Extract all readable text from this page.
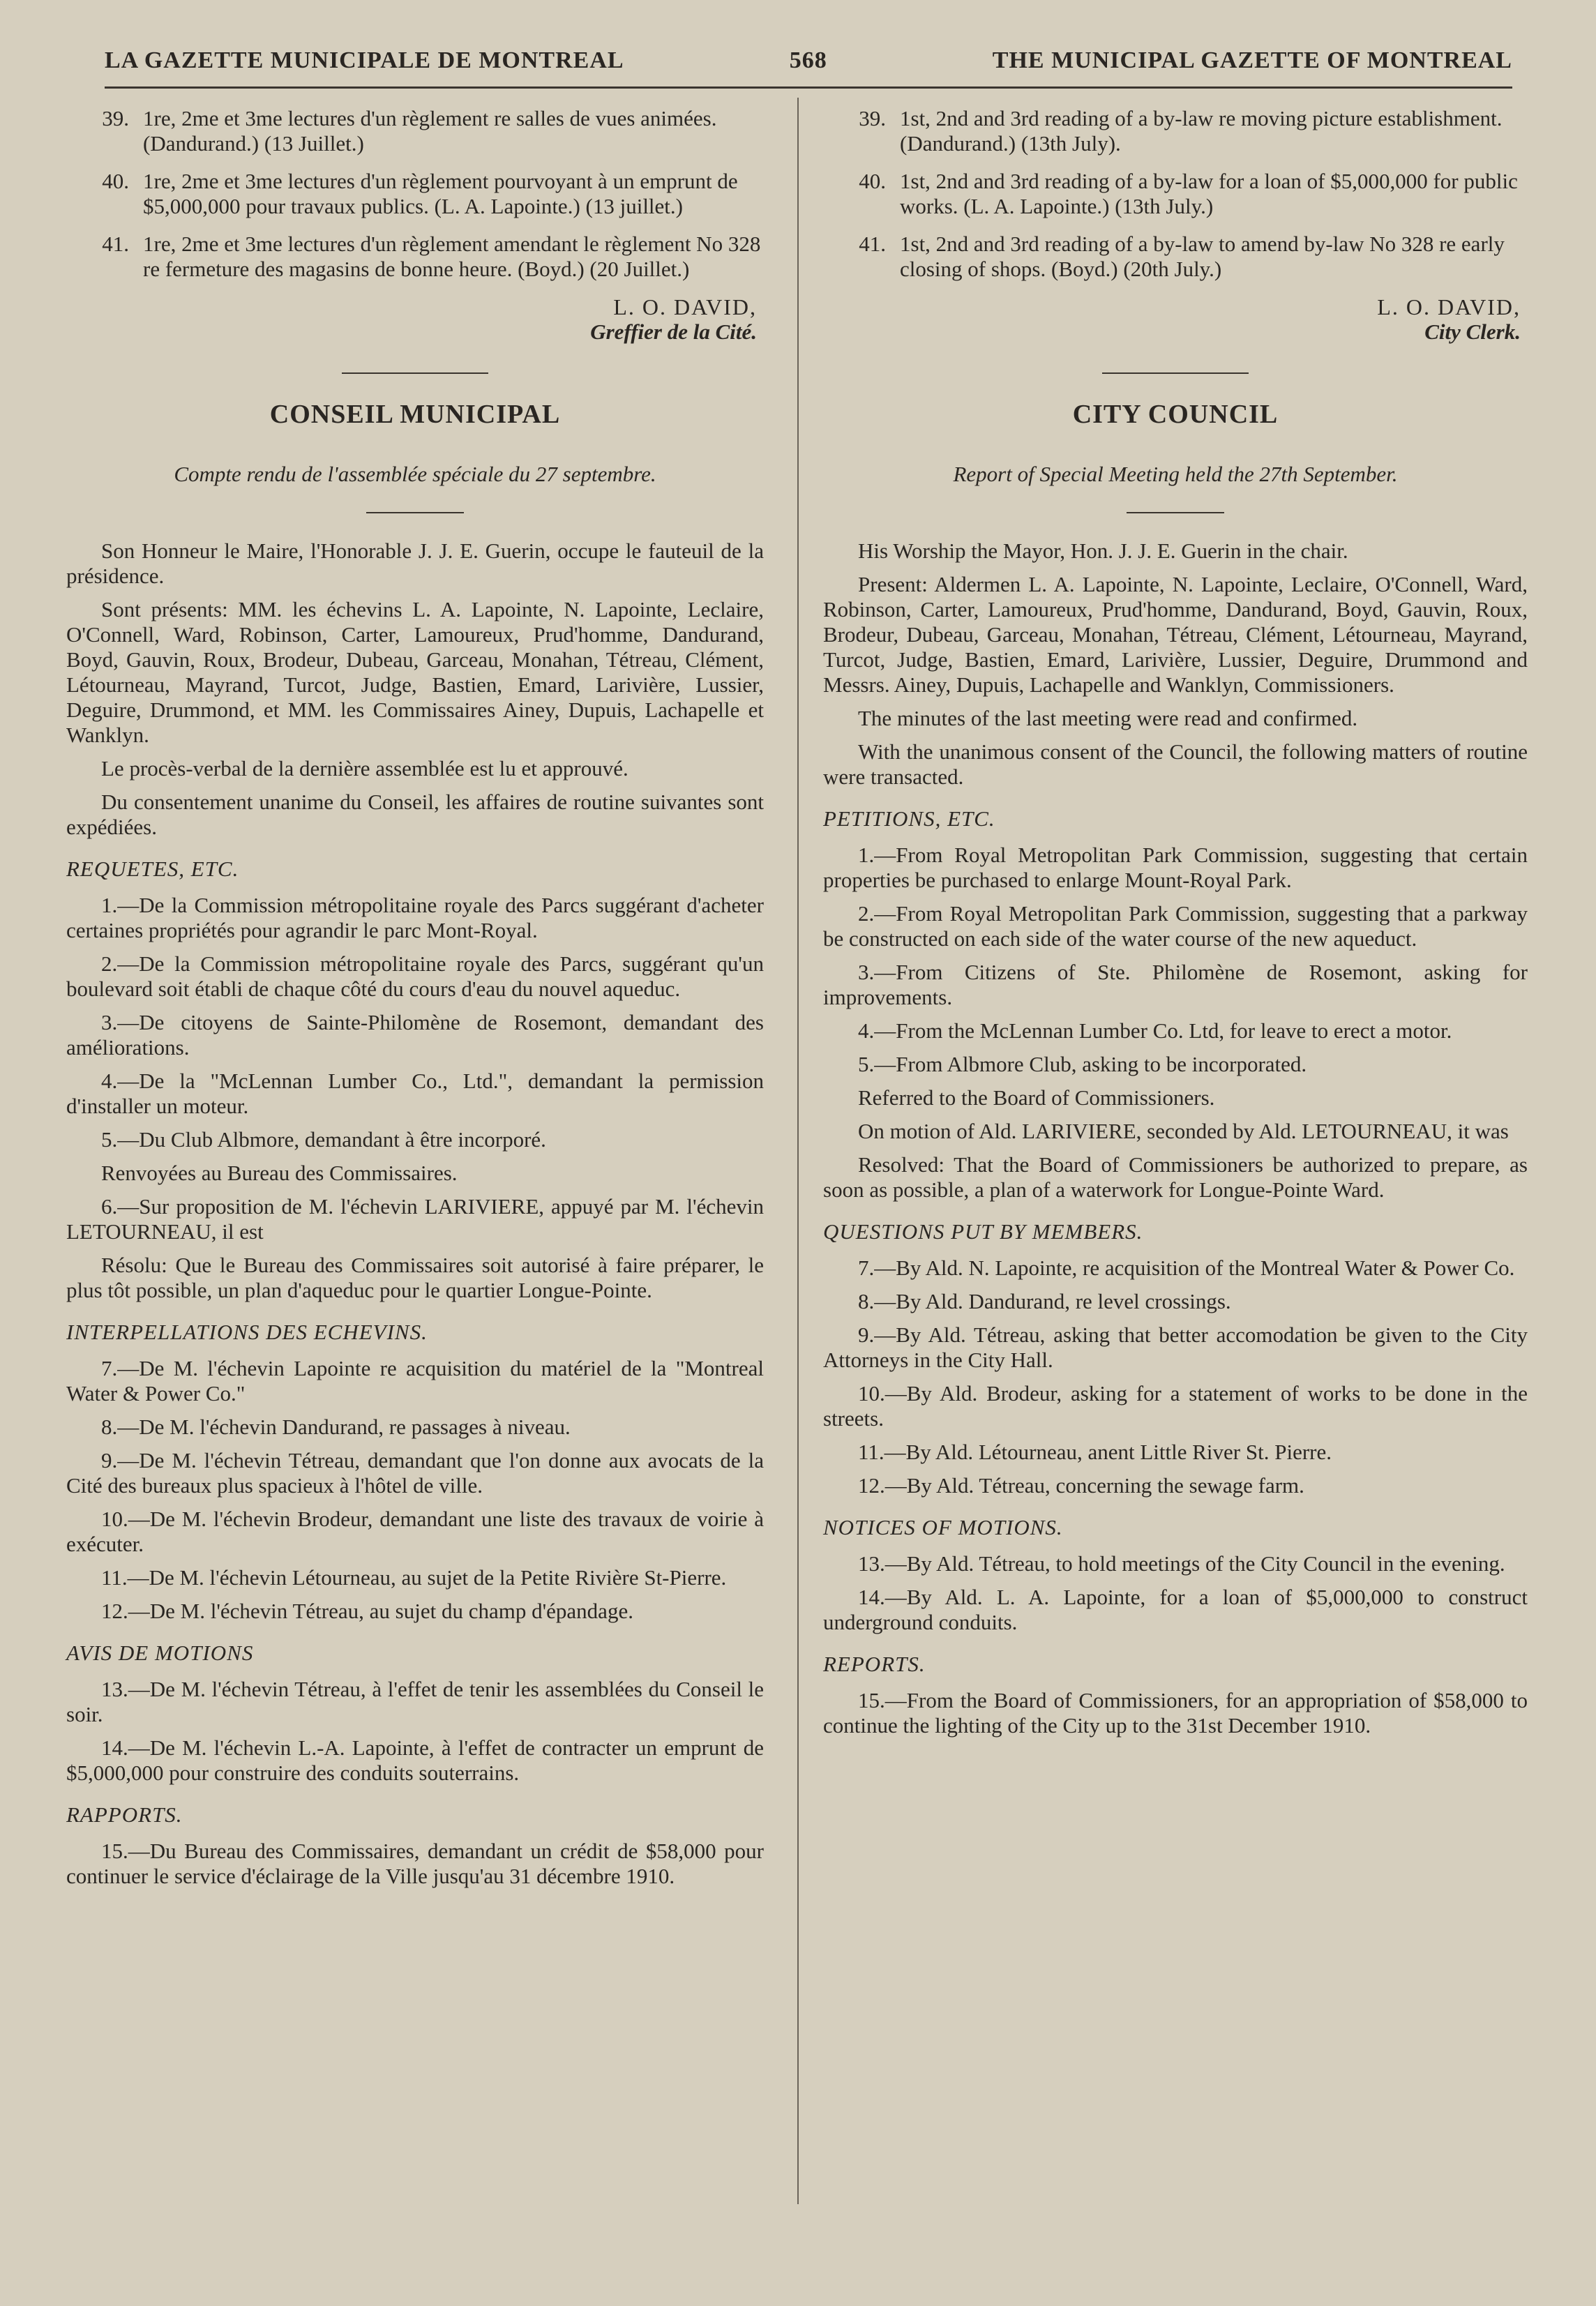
LA GAZETTE MUNICIPALE DE MONTREAL	568	THE MUNICIPAL GAZETTE OF MONTREAL
39. 1re, 2me et 3me lectures d'un règlement re salles de vues animées. (Dandurand.) (13 Juillet.)
40. 1re, 2me et 3me lectures d'un règlement pourvoyant à un emprunt de $5,000,000 pour travaux publics. (L. A. Lapointe.) (13 juillet.)
41. 1re, 2me et 3me lectures d'un règlement amendant le règlement No 328 re fermeture des magasins de bonne heure. (Boyd.) (20 Juillet.)
L. O. DAVID,
Greffier de la Cité.
CONSEIL MUNICIPAL
Compte rendu de l'assemblée spéciale du 27 septembre.

Son Honneur le Maire, l'Honorable J. J. E. Guerin, occupe le fauteuil de la présidence.

Sont présents: MM. les échevins L. A. Lapointe, N. Lapointe, Leclaire, O'Connell, Ward, Robinson, Carter, Lamoureux, Prud'homme, Dandurand, Boyd, Gauvin, Roux, Brodeur, Dubeau, Garceau, Monahan, Tétreau, Clément, Létourneau, Mayrand, Turcot, Judge, Bastien, Emard, Larivière, Lussier, Deguire, Drummond, et MM. les Commissaires Ainey, Dupuis, Lachapelle et Wanklyn.

Le procès-verbal de la dernière assemblée est lu et approuvé.

Du consentement unanime du Conseil, les affaires de routine suivantes sont expédiées.

REQUETES, ETC.

1.—De la Commission métropolitaine royale des Parcs suggérant d'acheter certaines propriétés pour agrandir le parc Mont-Royal.

2.—De la Commission métropolitaine royale des Parcs, suggérant qu'un boulevard soit établi de chaque côté du cours d'eau du nouvel aqueduc.

3.—De citoyens de Sainte-Philomène de Rosemont, demandant des améliorations.

4.—De la "McLennan Lumber Co., Ltd.", demandant la permission d'installer un moteur.

5.—Du Club Albmore, demandant à être incorporé.

Renvoyées au Bureau des Commissaires.

6.—Sur proposition de M. l'échevin LARIVIERE, appuyé par M. l'échevin LETOURNEAU, il est

Résolu: Que le Bureau des Commissaires soit autorisé à faire préparer, le plus tôt possible, un plan d'aqueduc pour le quartier Longue-Pointe.

INTERPELLATIONS DES ECHEVINS.

7.—De M. l'échevin Lapointe re acquisition du matériel de la "Montreal Water & Power Co."

8.—De M. l'échevin Dandurand, re passages à niveau.

9.—De M. l'échevin Tétreau, demandant que l'on donne aux avocats de la Cité des bureaux plus spacieux à l'hôtel de ville.

10.—De M. l'échevin Brodeur, demandant une liste des travaux de voirie à exécuter.

11.—De M. l'échevin Létourneau, au sujet de la Petite Rivière St-Pierre.

12.—De M. l'échevin Tétreau, au sujet du champ d'épandage.

AVIS DE MOTIONS

13.—De M. l'échevin Tétreau, à l'effet de tenir les assemblées du Conseil le soir.

14.—De M. l'échevin L.-A. Lapointe, à l'effet de contracter un emprunt de $5,000,000 pour construire des conduits souterrains.

RAPPORTS.

15.—Du Bureau des Commissaires, demandant un crédit de $58,000 pour continuer le service d'éclairage de la Ville jusqu'au 31 décembre 1910.

39. 1st, 2nd and 3rd reading of a by-law re moving picture establishment. (Dandurand.) (13th July).
40. 1st, 2nd and 3rd reading of a by-law for a loan of $5,000,000 for public works. (L. A. Lapointe.) (13th July.)
41. 1st, 2nd and 3rd reading of a by-law to amend by-law No 328 re early closing of shops. (Boyd.) (20th July.)
L. O. DAVID,
City Clerk.
CITY COUNCIL
Report of Special Meeting held the 27th September.

His Worship the Mayor, Hon. J. J. E. Guerin in the chair.

Present: Aldermen L. A. Lapointe, N. Lapointe, Leclaire, O'Connell, Ward, Robinson, Carter, Lamoureux, Prud'homme, Dandurand, Boyd, Gauvin, Roux, Brodeur, Dubeau, Garceau, Monahan, Tétreau, Clément, Létourneau, Mayrand, Turcot, Judge, Bastien, Emard, Larivière, Lussier, Deguire, Drummond and Messrs. Ainey, Dupuis, Lachapelle and Wanklyn, Commissioners.

The minutes of the last meeting were read and confirmed.

With the unanimous consent of the Council, the following matters of routine were transacted.

PETITIONS, ETC.

1.—From Royal Metropolitan Park Commission, suggesting that certain properties be purchased to enlarge Mount-Royal Park.

2.—From Royal Metropolitan Park Commission, suggesting that a parkway be constructed on each side of the water course of the new aqueduct.

3.—From Citizens of Ste. Philomène de Rosemont, asking for improvements.

4.—From the McLennan Lumber Co. Ltd, for leave to erect a motor.

5.—From Albmore Club, asking to be incorporated.

Referred to the Board of Commissioners.

On motion of Ald. LARIVIERE, seconded by Ald. LETOURNEAU, it was

Resolved: That the Board of Commissioners be authorized to prepare, as soon as possible, a plan of a waterwork for Longue-Pointe Ward.

QUESTIONS PUT BY MEMBERS.

7.—By Ald. N. Lapointe, re acquisition of the Montreal Water & Power Co.

8.—By Ald. Dandurand, re level crossings.

9.—By Ald. Tétreau, asking that better accomodation be given to the City Attorneys in the City Hall.

10.—By Ald. Brodeur, asking for a statement of works to be done in the streets.

11.—By Ald. Létourneau, anent Little River St. Pierre.

12.—By Ald. Tétreau, concerning the sewage farm.

NOTICES OF MOTIONS.

13.—By Ald. Tétreau, to hold meetings of the City Council in the evening.

14.—By Ald. L. A. Lapointe, for a loan of $5,000,000 to construct underground conduits.

REPORTS.

15.—From the Board of Commissioners, for an appropriation of $58,000 to continue the lighting of the City up to the 31st December 1910.
